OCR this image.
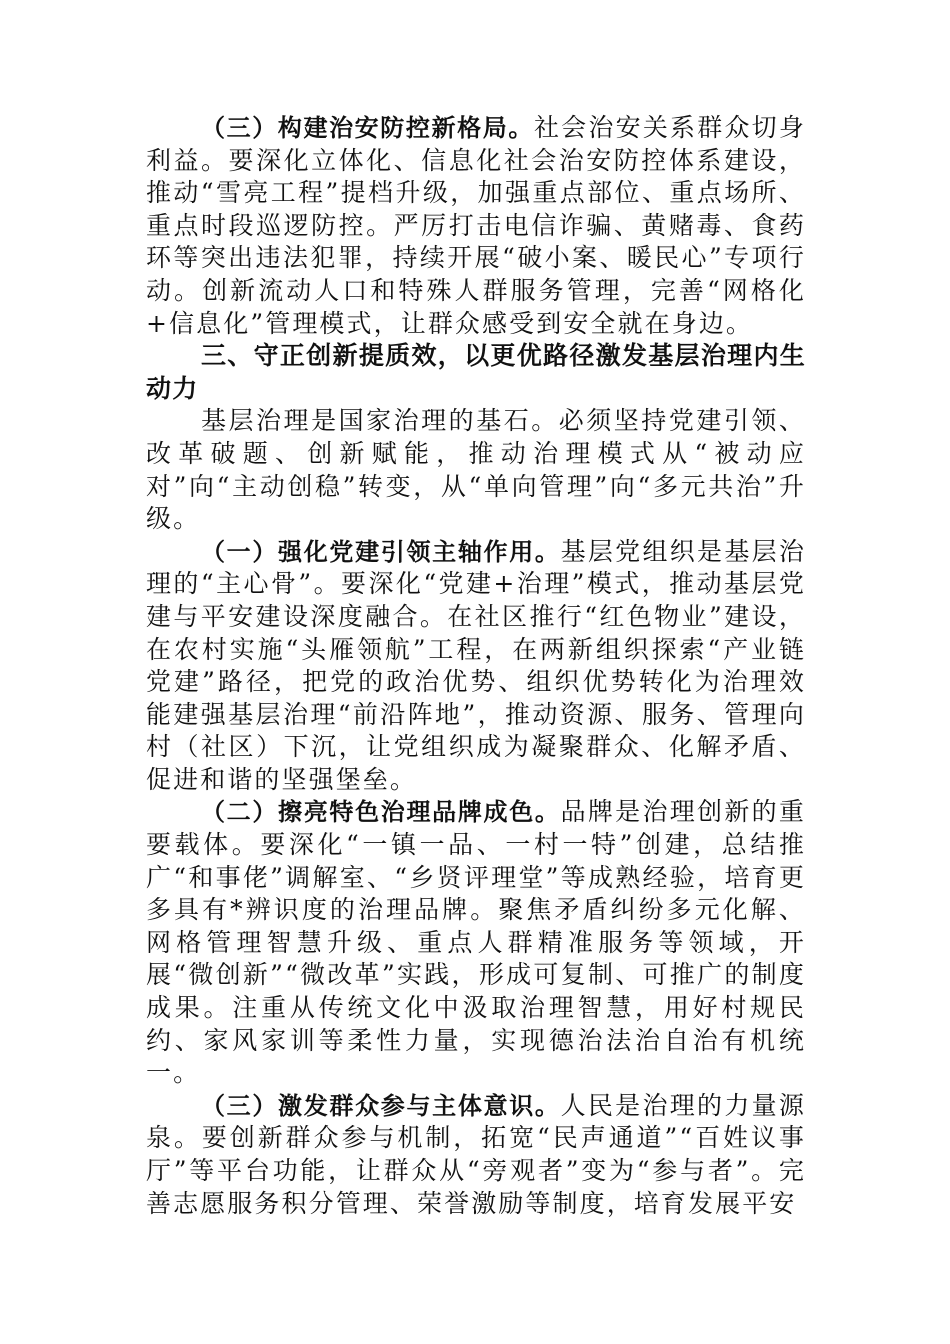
（三）构建治安防控新格局。社会治安关系群众切身利益。要深化立体化、信息化社会治安防控体系建设，推动“雪亮工程”提档升级，加强重点部位、重点场所、重点时段巡逻防控。严厉打击电信诈骗、黄赌毒、食药环等突出违法犯罪，持续开展“破小案、暖民心”专项行动。创新流动人口和特殊人群服务管理，完善“网格化+信息化”管理模式，让群众感受到安全就在身边。

三、守正创新提质效，以更优路径激发基层治理内生动力

基层治理是国家治理的基石。必须坚持党建引领、改革破题、创新赋能，推动治理模式从“被动应对”向“主动创稳”转变，从“单向管理”向“多元共治”升级。

（一）强化党建引领主轴作用。基层党组织是基层治理的“主心骨”。要深化“党建+治理”模式，推动基层党建与平安建设深度融合。在社区推行“红色物业”建设，在农村实施“头雁领航”工程，在两新组织探索“产业链党建”路径，把党的政治优势、组织优势转化为治理效能建强基层治理“前沿阵地”，推动资源、服务、管理向村（社区）下沉，让党组织成为凝聚群众、化解矛盾、促进和谐的坚强堡垒。

（二）擦亮特色治理品牌成色。品牌是治理创新的重要载体。要深化“一镇一品、一村一特”创建，总结推广“和事佬”调解室、“乡贤评理堂”等成熟经验，培育更多具有*辨识度的治理品牌。聚焦矛盾纠纷多元化解、网格管理智慧升级、重点人群精准服务等领域，开展“微创新”“微改革”实践，形成可复制、可推广的制度成果。注重从传统文化中汲取治理智慧，用好村规民约、家风家训等柔性力量，实现德治法治自治有机统一。

（三）激发群众参与主体意识。人民是治理的力量源泉。要创新群众参与机制，拓宽“民声通道”“百姓议事厅”等平台功能，让群众从“旁观者”变为“参与者”。完善志愿服务积分管理、荣誉激励等制度，培育发展平安
